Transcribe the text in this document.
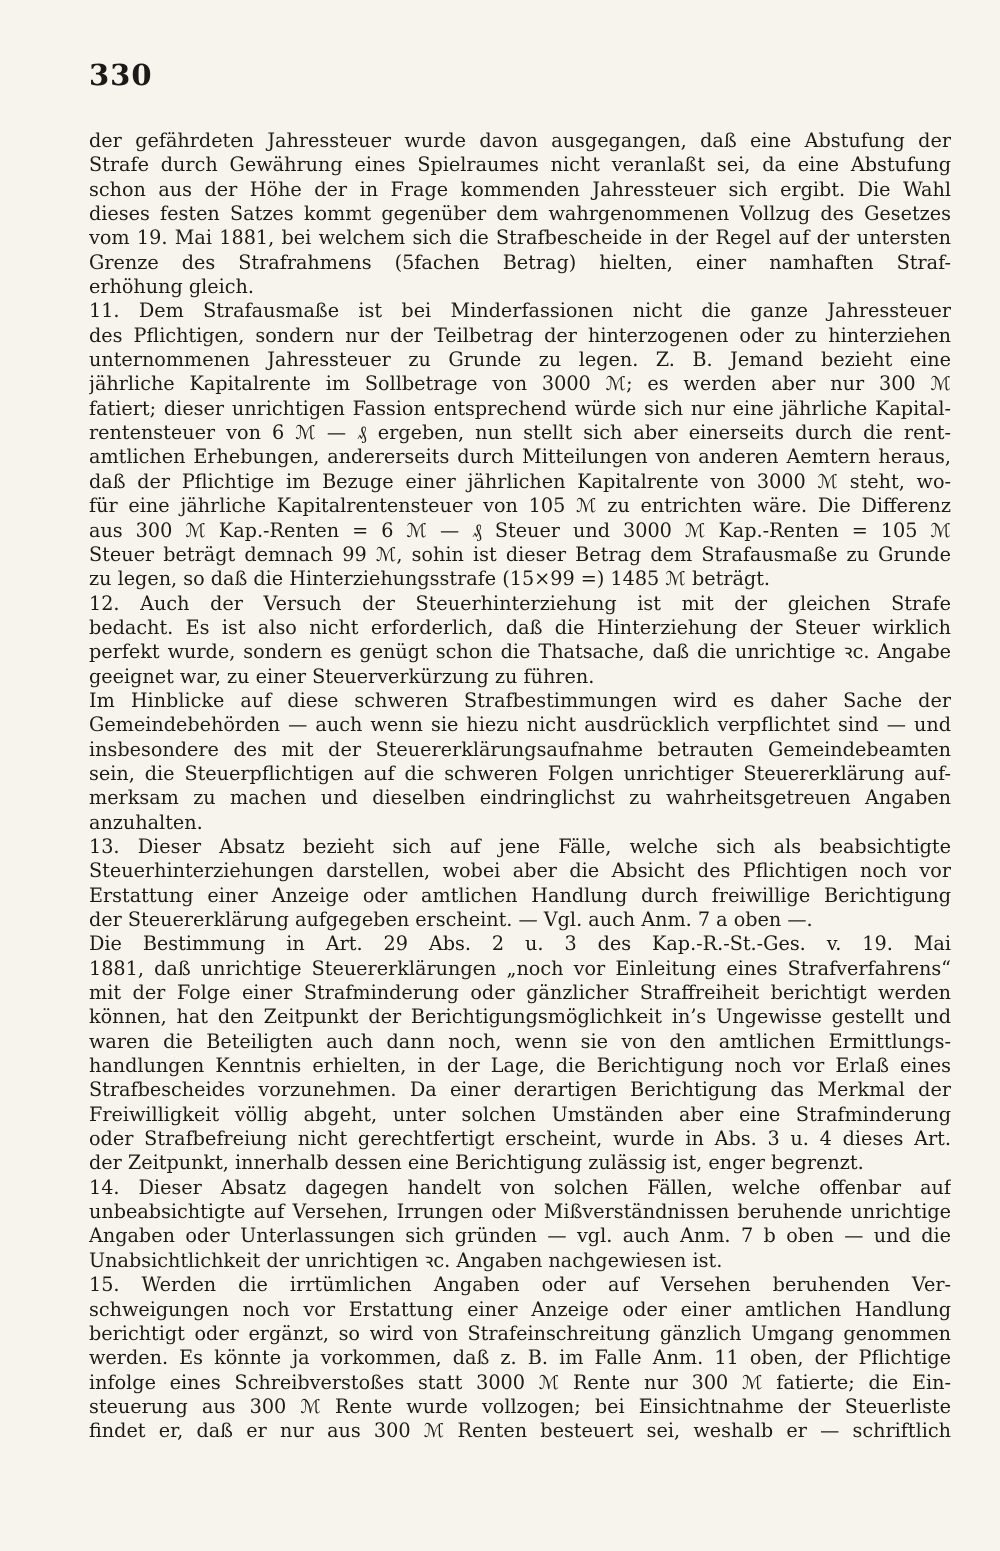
330
der gefährdeten Jahressteuer wurde davon ausgegangen, daß eine Abstufung der
Strafe durch Gewährung eines Spielraumes nicht veranlaßt sei, da eine Abstufung
schon aus der Höhe der in Frage kommenden Jahressteuer sich ergibt. Die Wahl
dieses festen Satzes kommt gegenüber dem wahrgenommenen Vollzug des Gesetzes
vom 19. Mai 1881, bei welchem sich die Strafbescheide in der Regel auf der untersten
Grenze des Strafrahmens (5fachen Betrag) hielten, einer namhaften Straf-
erhöhung gleich.
11. Dem Strafausmaße ist bei Minderfassionen nicht die ganze Jahressteuer
des Pflichtigen, sondern nur der Teilbetrag der hinterzogenen oder zu hinterziehen
unternommenen Jahressteuer zu Grunde zu legen. Z. B. Jemand bezieht eine
jährliche Kapitalrente im Sollbetrage von 3000 ℳ; es werden aber nur 300 ℳ
fatiert; dieser unrichtigen Fassion entsprechend würde sich nur eine jährliche Kapital-
rentensteuer von 6 ℳ — ₰ ergeben, nun stellt sich aber einerseits durch die rent-
amtlichen Erhebungen, andererseits durch Mitteilungen von anderen Aemtern heraus,
daß der Pflichtige im Bezuge einer jährlichen Kapitalrente von 3000 ℳ steht, wo-
für eine jährliche Kapitalrentensteuer von 105 ℳ zu entrichten wäre. Die Differenz
aus 300 ℳ Kap.-Renten = 6 ℳ — ₰ Steuer und 3000 ℳ Kap.-Renten = 105 ℳ
Steuer beträgt demnach 99 ℳ, sohin ist dieser Betrag dem Strafausmaße zu Grunde
zu legen, so daß die Hinterziehungsstrafe (15×99 =) 1485 ℳ beträgt.
12. Auch der Versuch der Steuerhinterziehung ist mit der gleichen Strafe
bedacht. Es ist also nicht erforderlich, daß die Hinterziehung der Steuer wirklich
perfekt wurde, sondern es genügt schon die Thatsache, daß die unrichtige ꝛc. Angabe
geeignet war, zu einer Steuerverkürzung zu führen.
Im Hinblicke auf diese schweren Strafbestimmungen wird es daher Sache der
Gemeindebehörden — auch wenn sie hiezu nicht ausdrücklich verpflichtet sind — und
insbesondere des mit der Steuererklärungsaufnahme betrauten Gemeindebeamten
sein, die Steuerpflichtigen auf die schweren Folgen unrichtiger Steuererklärung auf-
merksam zu machen und dieselben eindringlichst zu wahrheitsgetreuen Angaben
anzuhalten.
13. Dieser Absatz bezieht sich auf jene Fälle, welche sich als beabsichtigte
Steuerhinterziehungen darstellen, wobei aber die Absicht des Pflichtigen noch vor
Erstattung einer Anzeige oder amtlichen Handlung durch freiwillige Berichtigung
der Steuererklärung aufgegeben erscheint. — Vgl. auch Anm. 7 a oben —.
Die Bestimmung in Art. 29 Abs. 2 u. 3 des Kap.-R.-St.-Ges. v. 19. Mai
1881, daß unrichtige Steuererklärungen „noch vor Einleitung eines Strafverfahrens“
mit der Folge einer Strafminderung oder gänzlicher Straffreiheit berichtigt werden
können, hat den Zeitpunkt der Berichtigungsmöglichkeit in’s Ungewisse gestellt und
waren die Beteiligten auch dann noch, wenn sie von den amtlichen Ermittlungs-
handlungen Kenntnis erhielten, in der Lage, die Berichtigung noch vor Erlaß eines
Strafbescheides vorzunehmen. Da einer derartigen Berichtigung das Merkmal der
Freiwilligkeit völlig abgeht, unter solchen Umständen aber eine Strafminderung
oder Strafbefreiung nicht gerechtfertigt erscheint, wurde in Abs. 3 u. 4 dieses Art.
der Zeitpunkt, innerhalb dessen eine Berichtigung zulässig ist, enger begrenzt.
14. Dieser Absatz dagegen handelt von solchen Fällen, welche offenbar auf
unbeabsichtigte auf Versehen, Irrungen oder Mißverständnissen beruhende unrichtige
Angaben oder Unterlassungen sich gründen — vgl. auch Anm. 7 b oben — und die
Unabsichtlichkeit der unrichtigen ꝛc. Angaben nachgewiesen ist.
15. Werden die irrtümlichen Angaben oder auf Versehen beruhenden Ver-
schweigungen noch vor Erstattung einer Anzeige oder einer amtlichen Handlung
berichtigt oder ergänzt, so wird von Strafeinschreitung gänzlich Umgang genommen
werden. Es könnte ja vorkommen, daß z. B. im Falle Anm. 11 oben, der Pflichtige
infolge eines Schreibverstoßes statt 3000 ℳ Rente nur 300 ℳ fatierte; die Ein-
steuerung aus 300 ℳ Rente wurde vollzogen; bei Einsichtnahme der Steuerliste
findet er, daß er nur aus 300 ℳ Renten besteuert sei, weshalb er — schriftlich
